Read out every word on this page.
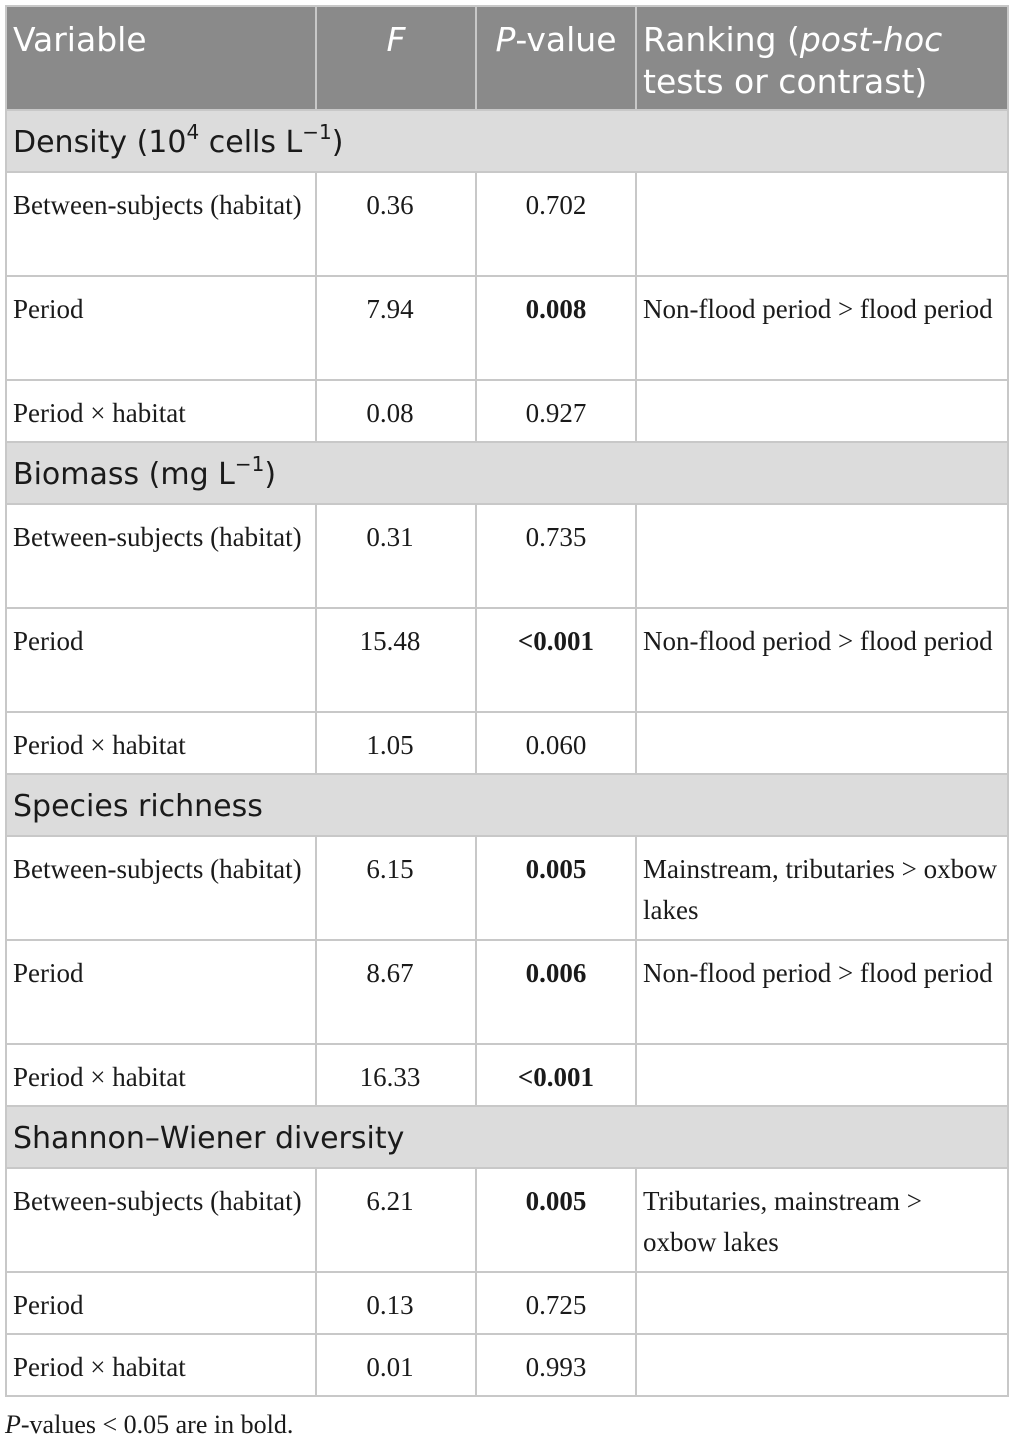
Variable	F	P-value	Ranking (post-hoc
tests or contrast)
Density ($10^4$ cells $L^{-1}$)			
Between-subjects (habitat)	0.36	0.702	
Period	7.94	0.008	Non-flood period > flood period
Period × habitat	0.08	0.927	
Biomass (mg $L^{-1}$)			
Between-subjects (habitat)	0.31	0.735	
Period	15.48	<0.001	Non-flood period > flood period
Period × habitat	1.05	0.060	
Species richness			
Between-subjects (habitat)	6.15	0.005	Mainstream, tributaries > oxbow lakes
Period	8.67	0.006	Non-flood period > flood period
Period × habitat	16.33	<0.001	
Shannon–Wiener diversity			
Between-subjects (habitat)	6.21	0.005	Tributaries, mainstream > oxbow lakes
Period	0.13	0.725	
Period × habitat	0.01	0.993	
P-values < 0.05 are in bold.
